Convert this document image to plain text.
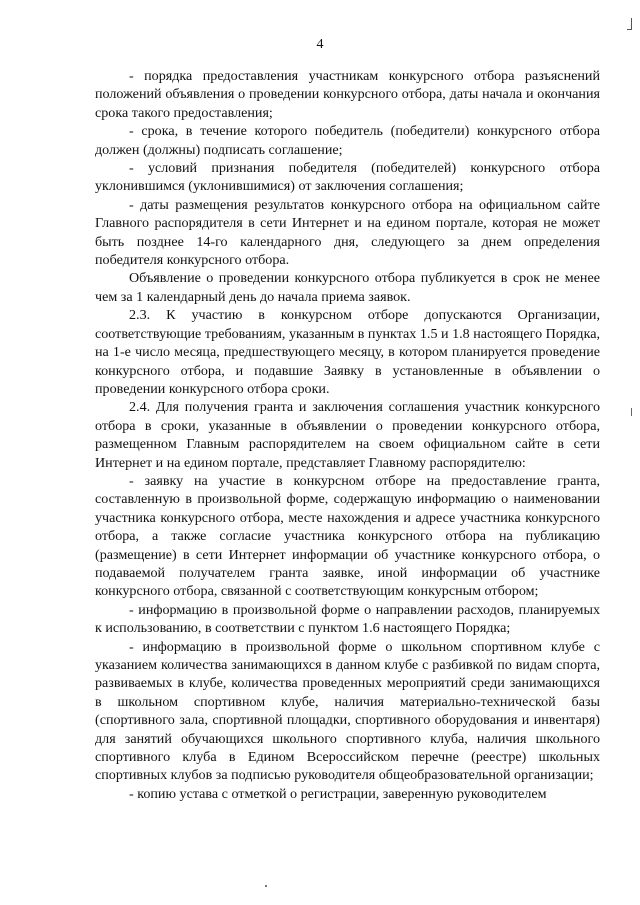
4

- порядка предоставления участникам конкурсного отбора разъяснений положений объявления о проведении конкурсного отбора, даты начала и окончания срока такого предоставления;

- срока, в течение которого победитель (победители) конкурсного отбора должен (должны) подписать соглашение;

- условий признания победителя (победителей) конкурсного отбора уклонившимся (уклонившимися) от заключения соглашения;

- даты размещения результатов конкурсного отбора на официальном сайте Главного распорядителя в сети Интернет и на едином портале, которая не может быть позднее 14-го календарного дня, следующего за днем определения победителя конкурсного отбора.

Объявление о проведении конкурсного отбора публикуется в срок не менее чем за 1 календарный день до начала приема заявок.

2.3. К участию в конкурсном отборе допускаются Организации, соответствующие требованиям, указанным в пунктах 1.5 и 1.8 настоящего Порядка, на 1-е число месяца, предшествующего месяцу, в котором планируется проведение конкурсного отбора, и подавшие Заявку в установленные в объявлении о проведении конкурсного отбора сроки.

2.4. Для получения гранта и заключения соглашения участник конкурсного отбора в сроки, указанные в объявлении о проведении конкурсного отбора, размещенном Главным распорядителем на своем официальном сайте в сети Интернет и на едином портале, представляет Главному распорядителю:

- заявку на участие в конкурсном отборе на предоставление гранта, составленную в произвольной форме, содержащую информацию о наименовании участника конкурсного отбора, месте нахождения и адресе участника конкурсного отбора, а также согласие участника конкурсного отбора на публикацию (размещение) в сети Интернет информации об участнике конкурсного отбора, о подаваемой получателем гранта заявке, иной информации об участнике конкурсного отбора, связанной с соответствующим конкурсным отбором;

- информацию в произвольной форме о направлении расходов, планируемых к использованию, в соответствии с пунктом 1.6 настоящего Порядка;

- информацию в произвольной форме о школьном спортивном клубе с указанием количества занимающихся в данном клубе с разбивкой по видам спорта, развиваемых в клубе, количества проведенных мероприятий среди занимающихся в школьном спортивном клубе, наличия материально-технической базы (спортивного зала, спортивной площадки, спортивного оборудования и инвентаря) для занятий обучающихся школьного спортивного клуба, наличия школьного спортивного клуба в Едином Всероссийском перечне (реестре) школьных спортивных клубов за подписью руководителя общеобразовательной организации;

- копию устава с отметкой о регистрации, заверенную руководителем
